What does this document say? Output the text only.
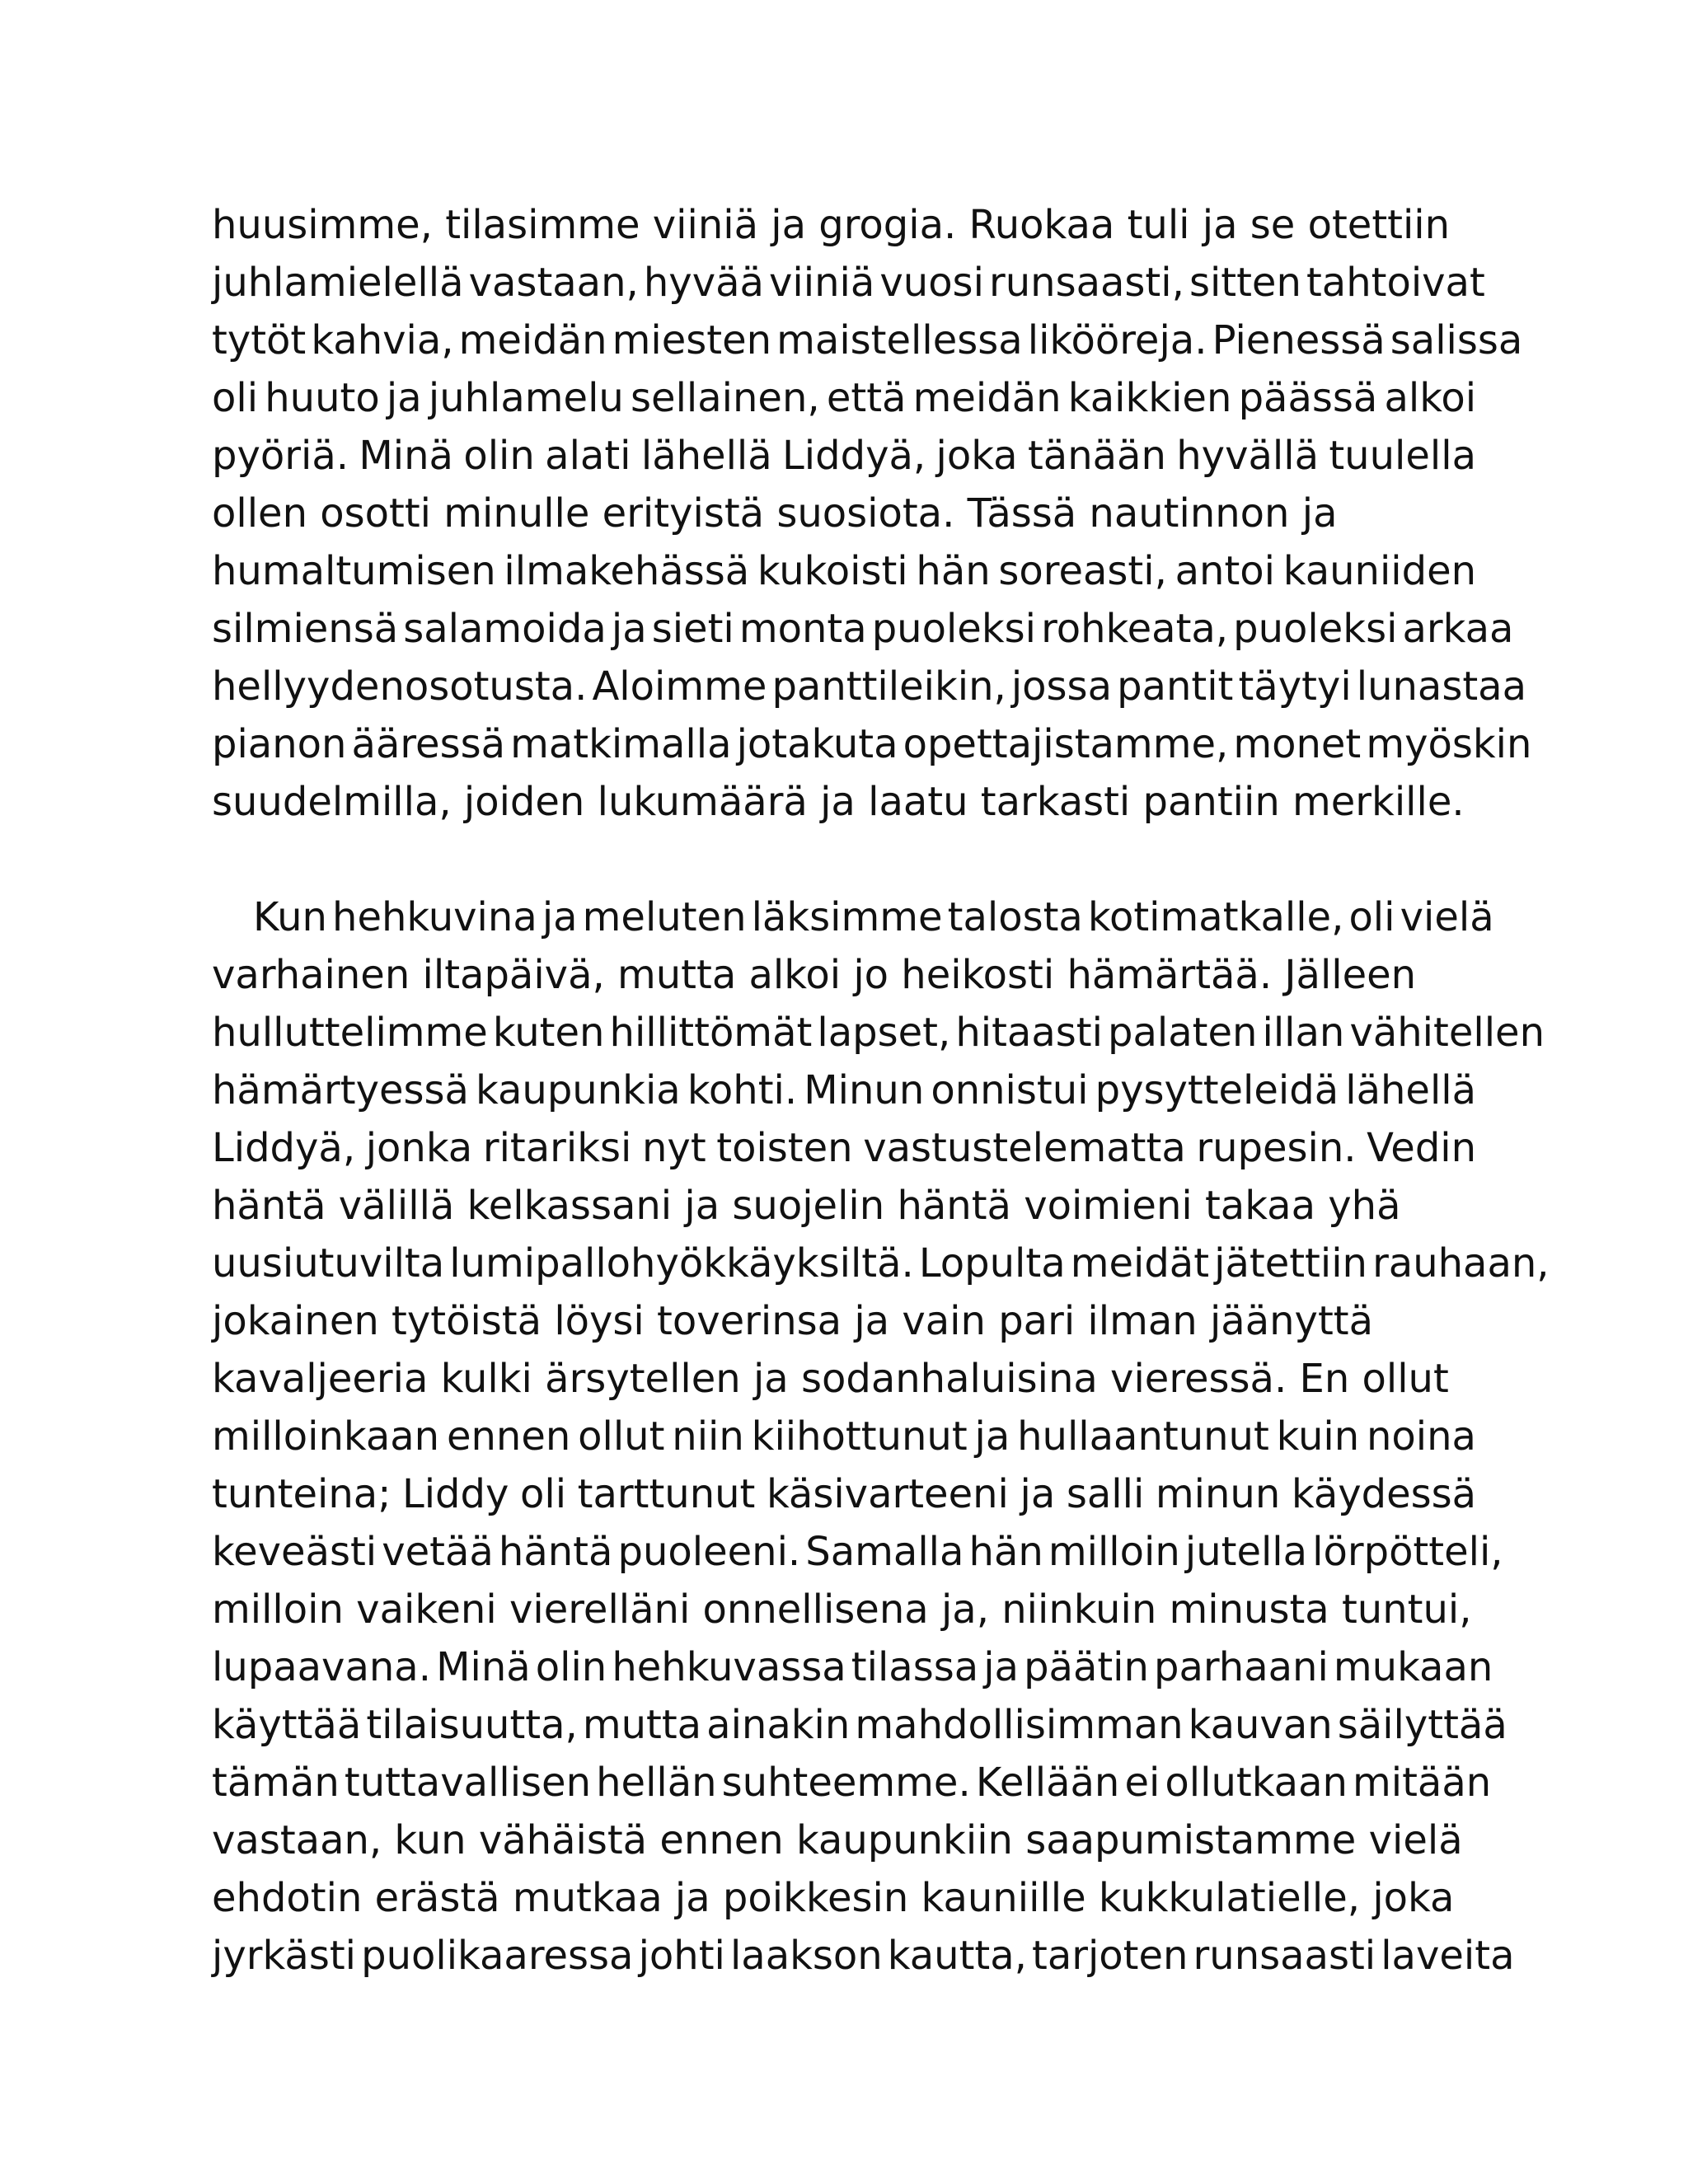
huusimme, tilasimme viiniä ja grogia. Ruokaa tuli ja se otettiin
juhlamielellä vastaan, hyvää viiniä vuosi runsaasti, sitten tahtoivat
tytöt kahvia, meidän miesten maistellessa likööreja. Pienessä salissa
oli huuto ja juhlamelu sellainen, että meidän kaikkien päässä alkoi
pyöriä. Minä olin alati lähellä Liddyä, joka tänään hyvällä tuulella
ollen osotti minulle erityistä suosiota. Tässä nautinnon ja
humaltumisen ilmakehässä kukoisti hän soreasti, antoi kauniiden
silmiensä salamoida ja sieti monta puoleksi rohkeata, puoleksi arkaa
hellyydenosotusta. Aloimme panttileikin, jossa pantit täytyi lunastaa
pianon ääressä matkimalla jotakuta opettajistamme, monet myöskin
suudelmilla, joiden lukumäärä ja laatu tarkasti pantiin merkille.
Kun hehkuvina ja meluten läksimme talosta kotimatkalle, oli vielä
varhainen iltapäivä, mutta alkoi jo heikosti hämärtää. Jälleen
hulluttelimme kuten hillittömät lapset, hitaasti palaten illan vähitellen
hämärtyessä kaupunkia kohti. Minun onnistui pysytteleidä lähellä
Liddyä, jonka ritariksi nyt toisten vastustelematta rupesin. Vedin
häntä välillä kelkassani ja suojelin häntä voimieni takaa yhä
uusiutuvilta lumipallohyökkäyksiltä. Lopulta meidät jätettiin rauhaan,
jokainen tytöistä löysi toverinsa ja vain pari ilman jäänyttä
kavaljeeria kulki ärsytellen ja sodanhaluisina vieressä. En ollut
milloinkaan ennen ollut niin kiihottunut ja hullaantunut kuin noina
tunteina; Liddy oli tarttunut käsivarteeni ja salli minun käydessä
keveästi vetää häntä puoleeni. Samalla hän milloin jutella lörpötteli,
milloin vaikeni vierelläni onnellisena ja, niinkuin minusta tuntui,
lupaavana. Minä olin hehkuvassa tilassa ja päätin parhaani mukaan
käyttää tilaisuutta, mutta ainakin mahdollisimman kauvan säilyttää
tämän tuttavallisen hellän suhteemme. Kellään ei ollutkaan mitään
vastaan, kun vähäistä ennen kaupunkiin saapumistamme vielä
ehdotin erästä mutkaa ja poikkesin kauniille kukkulatielle, joka
jyrkästi puolikaaressa johti laakson kautta, tarjoten runsaasti laveita
